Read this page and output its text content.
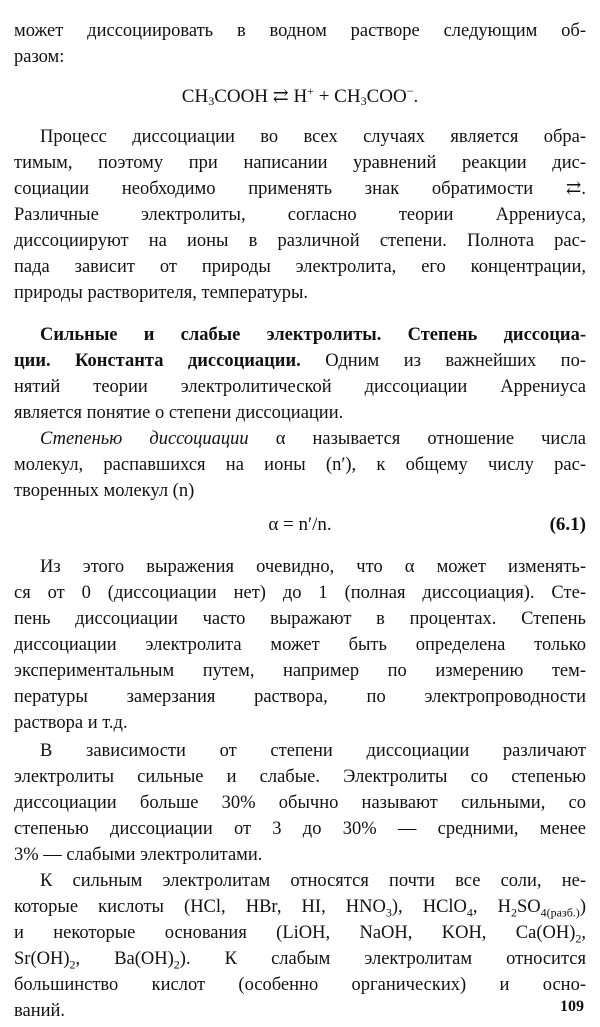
может диссоциировать в водном растворе следующим об-
разом:
$CH_3COOH$ ⇄ $H^+ + CH_3COO^-$.
Процесс диссоциации во всех случаях является обра-
тимым, поэтому при написании уравнений реакции дис-
социации необходимо применять знак обратимости ⇄.
Различные электролиты, согласно теории Аррениуса,
диссоциируют на ионы в различной степени. Полнота рас-
пада зависит от природы электролита, его концентрации,
природы растворителя, температуры.
Сильные и слабые электролиты. Степень диссоциа-
ции. Константа диссоциации. Одним из важнейших по-
нятий теории электролитической диссоциации Аррениуса
является понятие о степени диссоциации.
Степенью диссоциации α называется отношение числа
молекул, распавшихся на ионы (n′), к общему числу рас-
творенных молекул (n)
α = n′/n.	(6.1)
Из этого выражения очевидно, что α может изменять-
ся от 0 (диссоциации нет) до 1 (полная диссоциация). Сте-
пень диссоциации часто выражают в процентах. Степень
диссоциации электролита может быть определена только
экспериментальным путем, например по измерению тем-
пературы замерзания раствора, по электропроводности
раствора и т.д.
В зависимости от степени диссоциации различают
электролиты сильные и слабые. Электролиты со степенью
диссоциации больше 30% обычно называют сильными, со
степенью диссоциации от 3 до 30% — средними, менее
3% — слабыми электролитами.
К сильным электролитам относятся почти все соли, не-
которые кислоты (HCl, HBr, HI, $HNO_3$), HClO$_4$, $H_2SO_{4(разб.)}$)
и некоторые основания (LiOH, NaOH, KOH, $Ca(OH)_2$,
$Sr(OH)_2$, $Ba(OH)_2$). К слабым электролитам относится
большинство кислот (особенно органических) и осно-
ваний.	109
